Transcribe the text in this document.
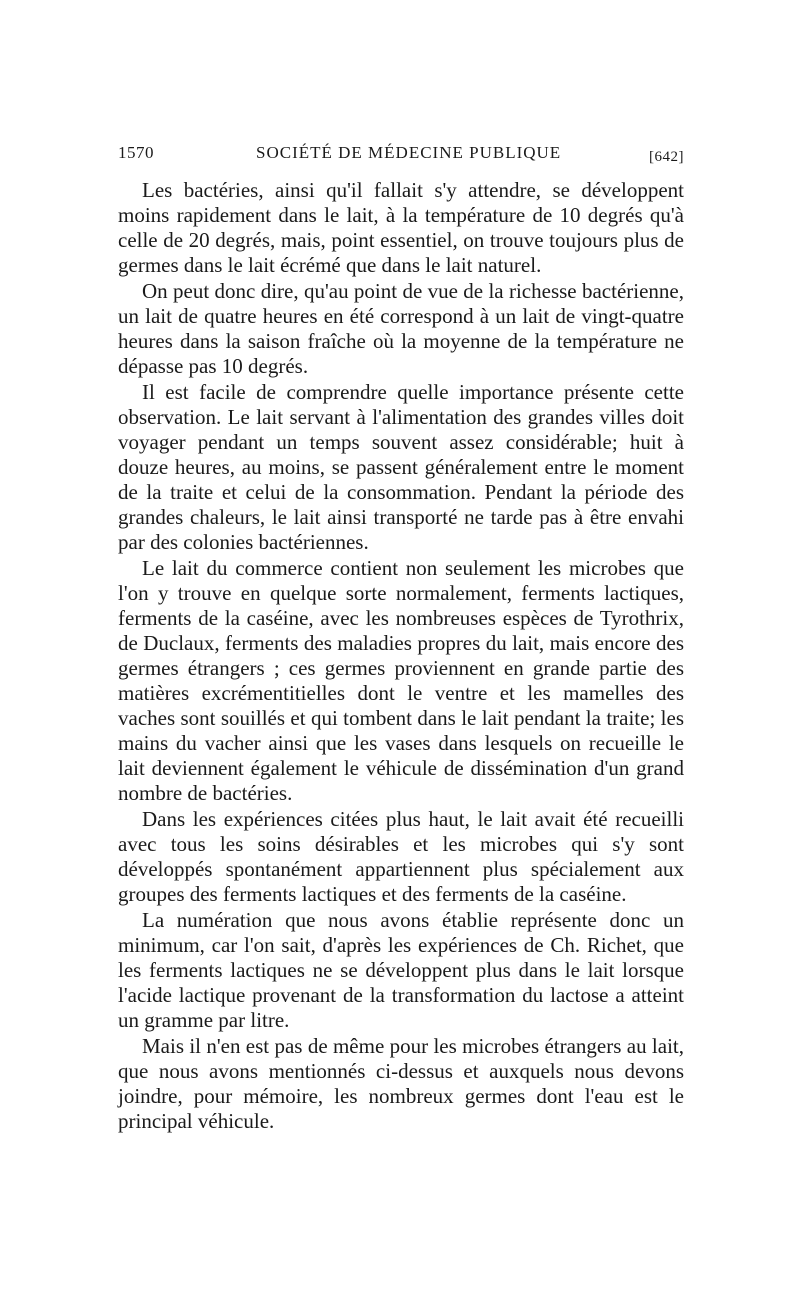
1570	SOCIÉTÉ DE MÉDECINE PUBLIQUE	[642]

Les bactéries, ainsi qu'il fallait s'y attendre, se développent moins rapidement dans le lait, à la température de 10 degrés qu'à celle de 20 degrés, mais, point essentiel, on trouve toujours plus de germes dans le lait écrémé que dans le lait naturel.

On peut donc dire, qu'au point de vue de la richesse bactérienne, un lait de quatre heures en été correspond à un lait de vingt-quatre heures dans la saison fraîche où la moyenne de la température ne dépasse pas 10 degrés.

Il est facile de comprendre quelle importance présente cette observation. Le lait servant à l'alimentation des grandes villes doit voyager pendant un temps souvent assez considérable; huit à douze heures, au moins, se passent généralement entre le moment de la traite et celui de la consommation. Pendant la période des grandes chaleurs, le lait ainsi transporté ne tarde pas à être envahi par des colonies bactériennes.

Le lait du commerce contient non seulement les microbes que l'on y trouve en quelque sorte normalement, ferments lactiques, ferments de la caséine, avec les nombreuses espèces de Tyrothrix, de Duclaux, ferments des maladies propres du lait, mais encore des germes étrangers ; ces germes proviennent en grande partie des matières excrémentitielles dont le ventre et les mamelles des vaches sont souillés et qui tombent dans le lait pendant la traite; les mains du vacher ainsi que les vases dans lesquels on recueille le lait deviennent également le véhicule de dissémination d'un grand nombre de bactéries.

Dans les expériences citées plus haut, le lait avait été recueilli avec tous les soins désirables et les microbes qui s'y sont développés spontanément appartiennent plus spécialement aux groupes des ferments lactiques et des ferments de la caséine.

La numération que nous avons établie représente donc un minimum, car l'on sait, d'après les expériences de Ch. Richet, que les ferments lactiques ne se développent plus dans le lait lorsque l'acide lactique provenant de la transformation du lactose a atteint un gramme par litre.

Mais il n'en est pas de même pour les microbes étrangers au lait, que nous avons mentionnés ci-dessus et auxquels nous devons joindre, pour mémoire, les nombreux germes dont l'eau est le principal véhicule.
